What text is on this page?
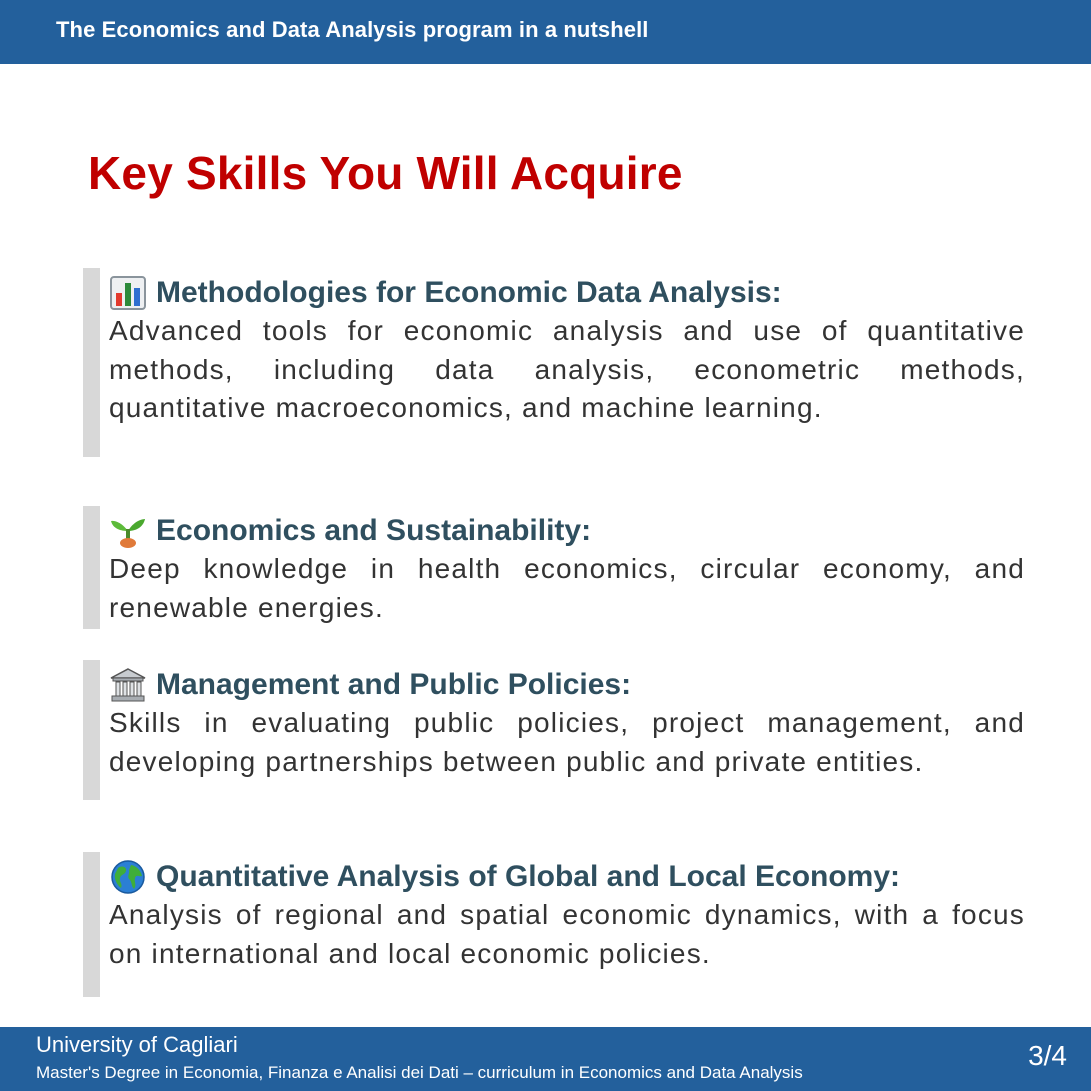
The Economics and Data Analysis program in a nutshell
Key Skills You Will Acquire
Methodologies for Economic Data Analysis:
Advanced tools for economic analysis and use of quantitative methods, including data analysis, econometric methods, quantitative macroeconomics, and machine learning.
Economics and Sustainability:
Deep knowledge in health economics, circular economy, and renewable energies.
Management and Public Policies:
Skills in evaluating public policies, project management, and developing partnerships between public and private entities.
Quantitative Analysis of Global and Local Economy:
Analysis of regional and spatial economic dynamics, with a focus on international and local economic policies.
University of Cagliari
Master's Degree in Economia, Finanza e Analisi dei Dati – curriculum in Economics and Data Analysis
3/4
